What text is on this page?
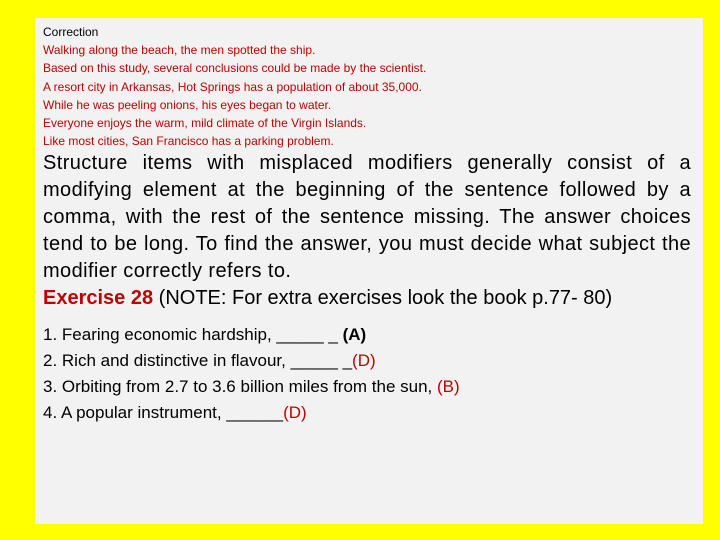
Correction
Walking along the beach, the men spotted the ship.
Based on this study, several conclusions could be made by the scientist.
A resort city in Arkansas, Hot Springs has a population of about 35,000.
While he was peeling onions, his eyes began to water.
Everyone enjoys the warm, mild climate of the Virgin Islands.
Like most cities, San Francisco has a parking problem.

Structure items with misplaced modifiers generally consist of a modifying element at the beginning of the sentence followed by a comma, with the rest of the sentence missing. The answer choices tend to be long. To find the answer, you must decide what subject the modifier correctly refers to.

Exercise 28 (NOTE: For extra exercises look the book p.77- 80)

1. Fearing economic hardship, _____ _ (A)
2. Rich and distinctive in flavour, _____ _(D)
3. Orbiting from 2.7 to 3.6 billion miles from the sun, (B)
4. A popular instrument, ______(D)
